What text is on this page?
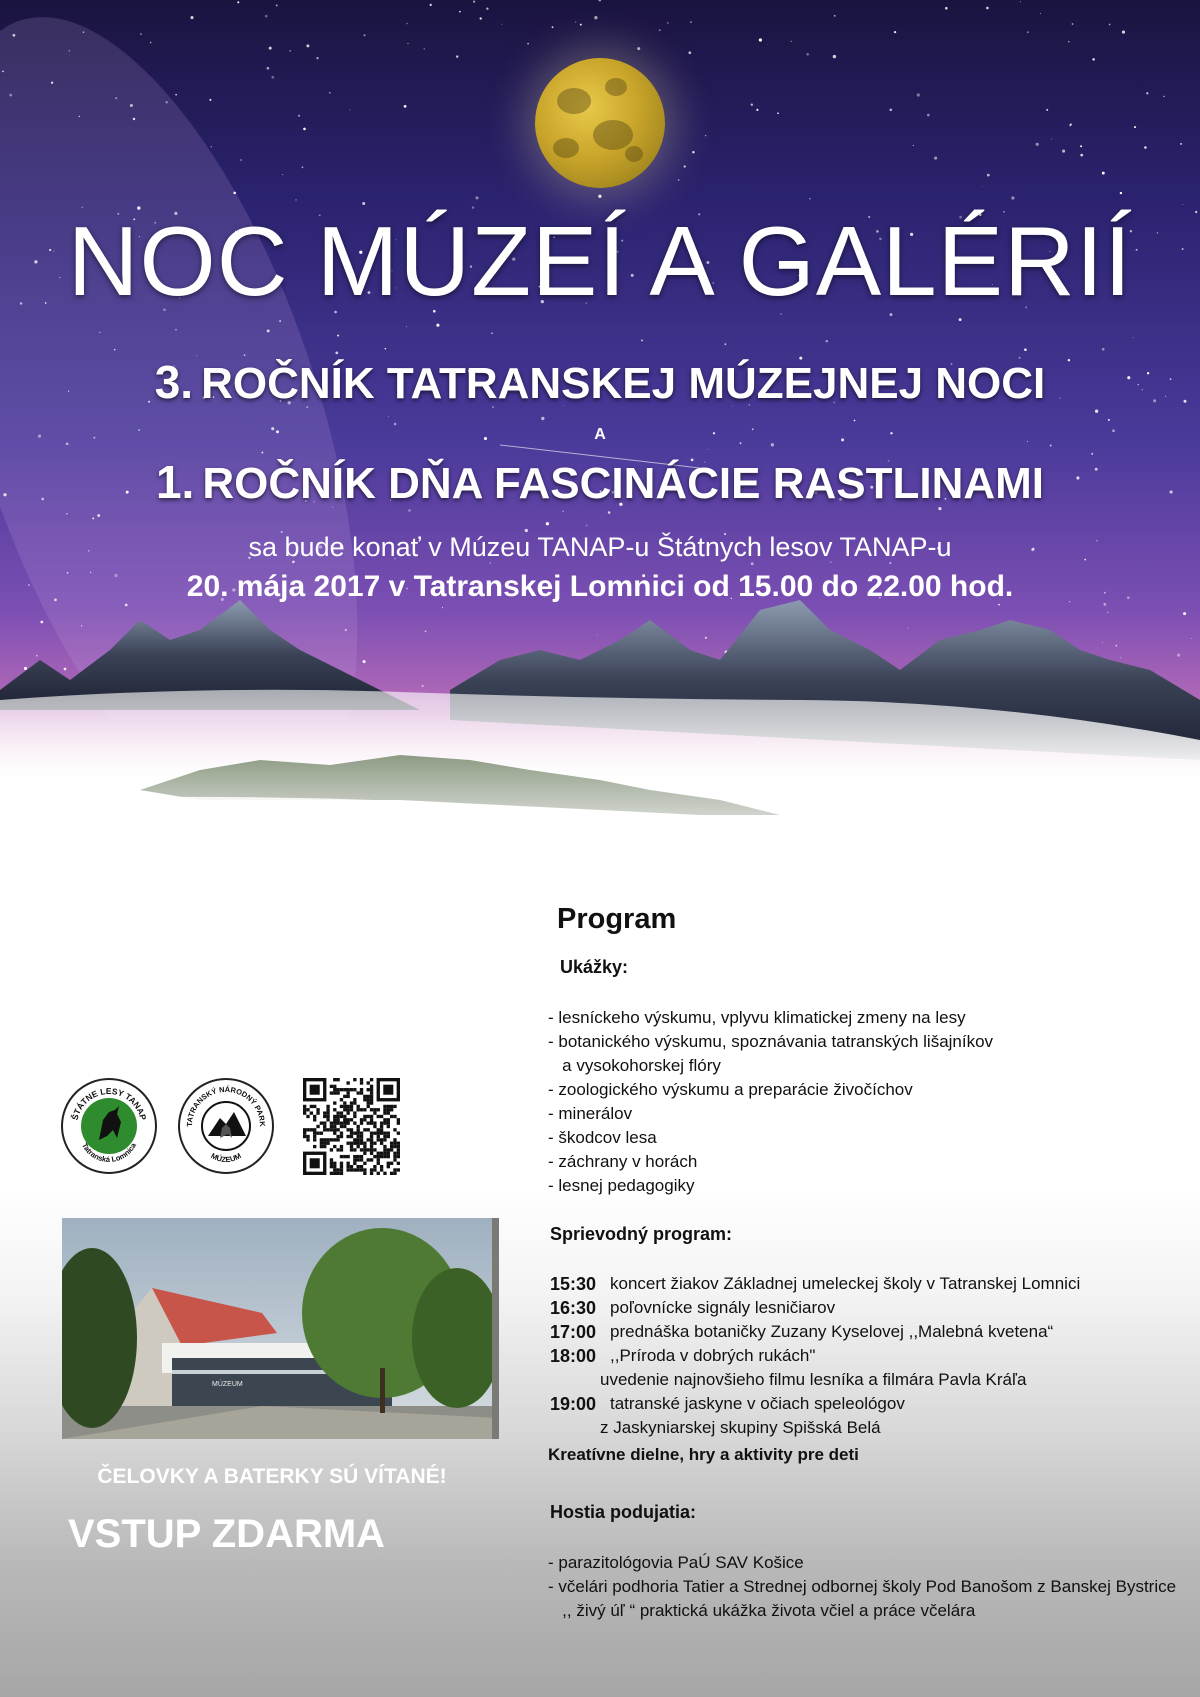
NOC MÚZEÍ A GALÉRIÍ
3. ROČNÍK TATRANSKEJ MÚZEJNEJ NOCI
A
1. ROČNÍK DŇA FASCINÁCIE RASTLINAMI
sa bude konať v Múzeu TANAP-u Štátnych lesov TANAP-u
20. mája 2017 v Tatranskej Lomnici od 15.00 do 22.00 hod.
ŠTÁTNE LESY TANAP
Tatranská Lomnica
TATRANSKÝ NÁRODNÝ PARK
MÚZEUM
MÚZEUM
ČELOVKY A BATERKY SÚ VÍTANÉ!
VSTUP ZDARMA
Program
Ukážky:
- lesníckeho výskumu, vplyvu klimatickej zmeny na lesy
- botanického výskumu, spoznávania tatranských lišajníkov
a vysokohorskej flóry
- zoologického výskumu a preparácie živočíchov
- minerálov
- škodcov lesa
- záchrany v horách
- lesnej pedagogiky
Sprievodný program:
15:30 koncert žiakov Základnej umeleckej školy v Tatranskej Lomnici
16:30 poľovnícke signály lesničiarov
17:00 prednáška botaničky Zuzany Kyselovej ,,Malebná kvetena“
18:00 ,,Príroda v dobrých rukách"
uvedenie najnovšieho filmu lesníka a filmára Pavla Kráľa
19:00 tatranské jaskyne v očiach speleológov
z Jaskyniarskej skupiny Spišská Belá
Kreatívne dielne, hry a aktivity pre deti
Hostia podujatia:
- parazitológovia PaÚ SAV Košice
- včelári podhoria Tatier a Strednej odbornej školy Pod Banošom z Banskej Bystrice
,, živý úľ “ praktická ukážka života včiel a práce včelára
